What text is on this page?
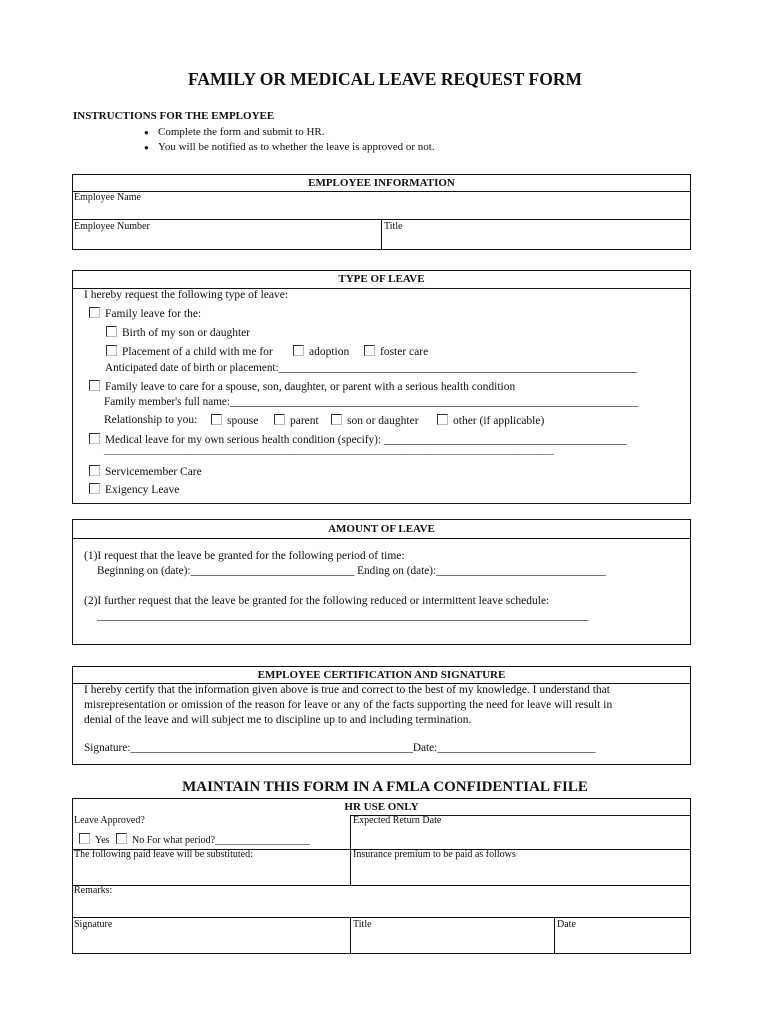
FAMILY OR MEDICAL LEAVE REQUEST FORM
INSTRUCTIONS FOR THE EMPLOYEE
● Complete the form and submit to HR.
● You will be notified as to whether the leave is approved or not.
EMPLOYEE INFORMATION
Employee Name
Employee Number	Title
TYPE OF LEAVE
I hereby request the following type of leave:
Family leave for the:
Birth of my son or daughter
Placement of a child with me for	adoption	foster care
Anticipated date of birth or placement:________________________________________________________________
Family leave to care for a spouse, son, daughter, or parent with a serious health condition
Family member's full name:_________________________________________________________________________
Relationship to you:	spouse	parent	son or daughter	other (if applicable)
Medical leave for my own serious health condition (specify): ___________________________________________
________________________________________________________________________________________________
Servicemember Care
Exigency Leave
AMOUNT OF LEAVE
(1)I request that the leave be granted for the following period of time:
Beginning on (date):_____________________________ Ending on (date):______________________________
(2)I further request that the leave be granted for the following reduced or intermittent leave schedule:
_______________________________________________________________________________________
EMPLOYEE CERTIFICATION AND SIGNATURE
I hereby certify that the information given above is true and correct to the best of my knowledge. I understand that
misrepresentation or omission of the reason for leave or any of the facts supporting the need for leave will result in
denial of the leave and will subject me to discipline up to and including termination.
Signature:__________________________________________________Date:____________________________
MAINTAIN THIS FORM IN A FMLA CONFIDENTIAL FILE
HR USE ONLY
Leave Approved?	Expected Return Date
Yes	No For what period?___________________
The following paid leave will be substituted:	Insurance premium to be paid as follows
Remarks:
Signature	Title	Date
